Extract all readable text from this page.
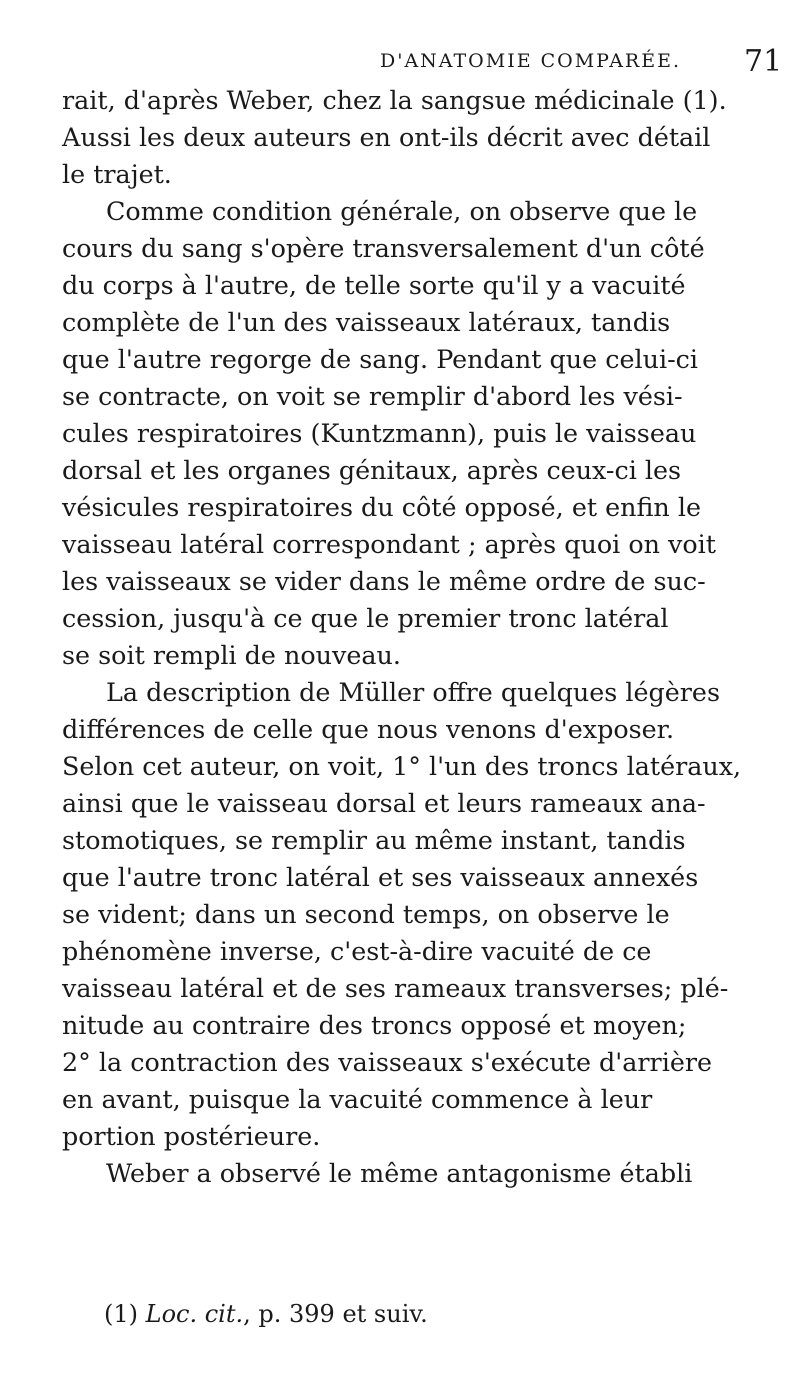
D'ANATOMIE COMPARÉE. 71
rait, d'après Weber, chez la sangsue médicinale (1).
Aussi les deux auteurs en ont-ils décrit avec détail
le trajet.
Comme condition générale, on observe que le
cours du sang s'opère transversalement d'un côté
du corps à l'autre, de telle sorte qu'il y a vacuité
complète de l'un des vaisseaux latéraux, tandis
que l'autre regorge de sang. Pendant que celui-ci
se contracte, on voit se remplir d'abord les vési-
cules respiratoires (Kuntzmann), puis le vaisseau
dorsal et les organes génitaux, après ceux-ci les
vésicules respiratoires du côté opposé, et enfin le
vaisseau latéral correspondant ; après quoi on voit
les vaisseaux se vider dans le même ordre de suc-
cession, jusqu'à ce que le premier tronc latéral
se soit rempli de nouveau.
La description de Müller offre quelques légères
différences de celle que nous venons d'exposer.
Selon cet auteur, on voit, 1° l'un des troncs latéraux,
ainsi que le vaisseau dorsal et leurs rameaux ana-
stomotiques, se remplir au même instant, tandis
que l'autre tronc latéral et ses vaisseaux annexés
se vident; dans un second temps, on observe le
phénomène inverse, c'est-à-dire vacuité de ce
vaisseau latéral et de ses rameaux transverses; plé-
nitude au contraire des troncs opposé et moyen;
2° la contraction des vaisseaux s'exécute d'arrière
en avant, puisque la vacuité commence à leur
portion postérieure.
Weber a observé le même antagonisme établi
(1) Loc. cit., p. 399 et suiv.
